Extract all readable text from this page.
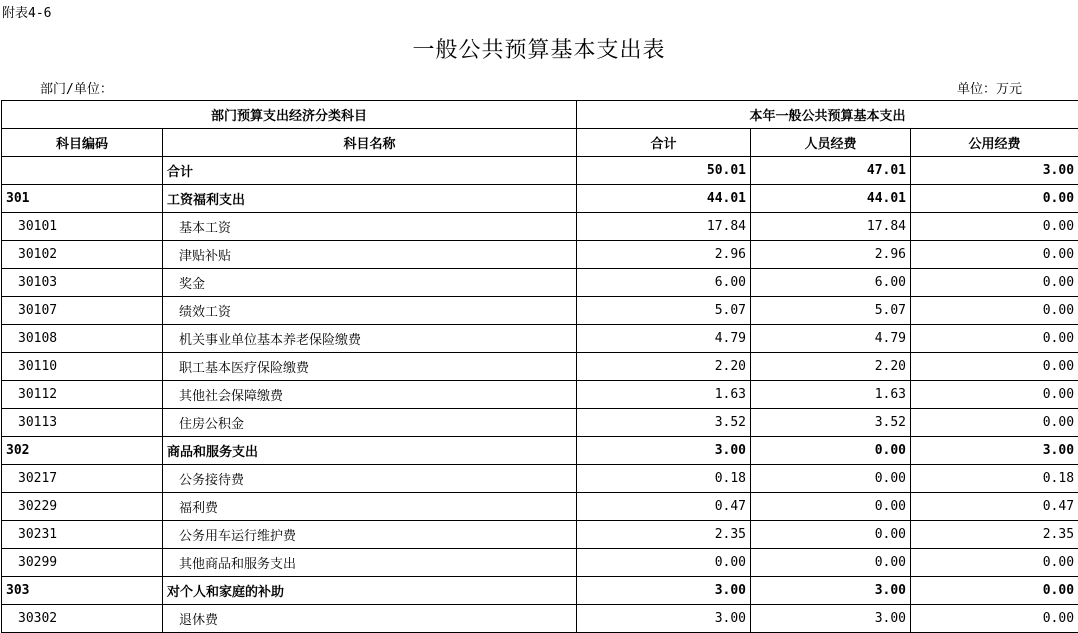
附表4-6
一般公共预算基本支出表
部门/单位：	单位：万元
部门预算支出经济分类科目		本年一般公共预算基本支出		
科目编码	科目名称	合计	人员经费	公用经费
	合计	50.01	47.01	3.00
301	工资福利支出	44.01	44.01	0.00
30101	基本工资	17.84	17.84	0.00
30102	津贴补贴	2.96	2.96	0.00
30103	奖金	6.00	6.00	0.00
30107	绩效工资	5.07	5.07	0.00
30108	机关事业单位基本养老保险缴费	4.79	4.79	0.00
30110	职工基本医疗保险缴费	2.20	2.20	0.00
30112	其他社会保障缴费	1.63	1.63	0.00
30113	住房公积金	3.52	3.52	0.00
302	商品和服务支出	3.00	0.00	3.00
30217	公务接待费	0.18	0.00	0.18
30229	福利费	0.47	0.00	0.47
30231	公务用车运行维护费	2.35	0.00	2.35
30299	其他商品和服务支出	0.00	0.00	0.00
303	对个人和家庭的补助	3.00	3.00	0.00
30302	退休费	3.00	3.00	0.00
